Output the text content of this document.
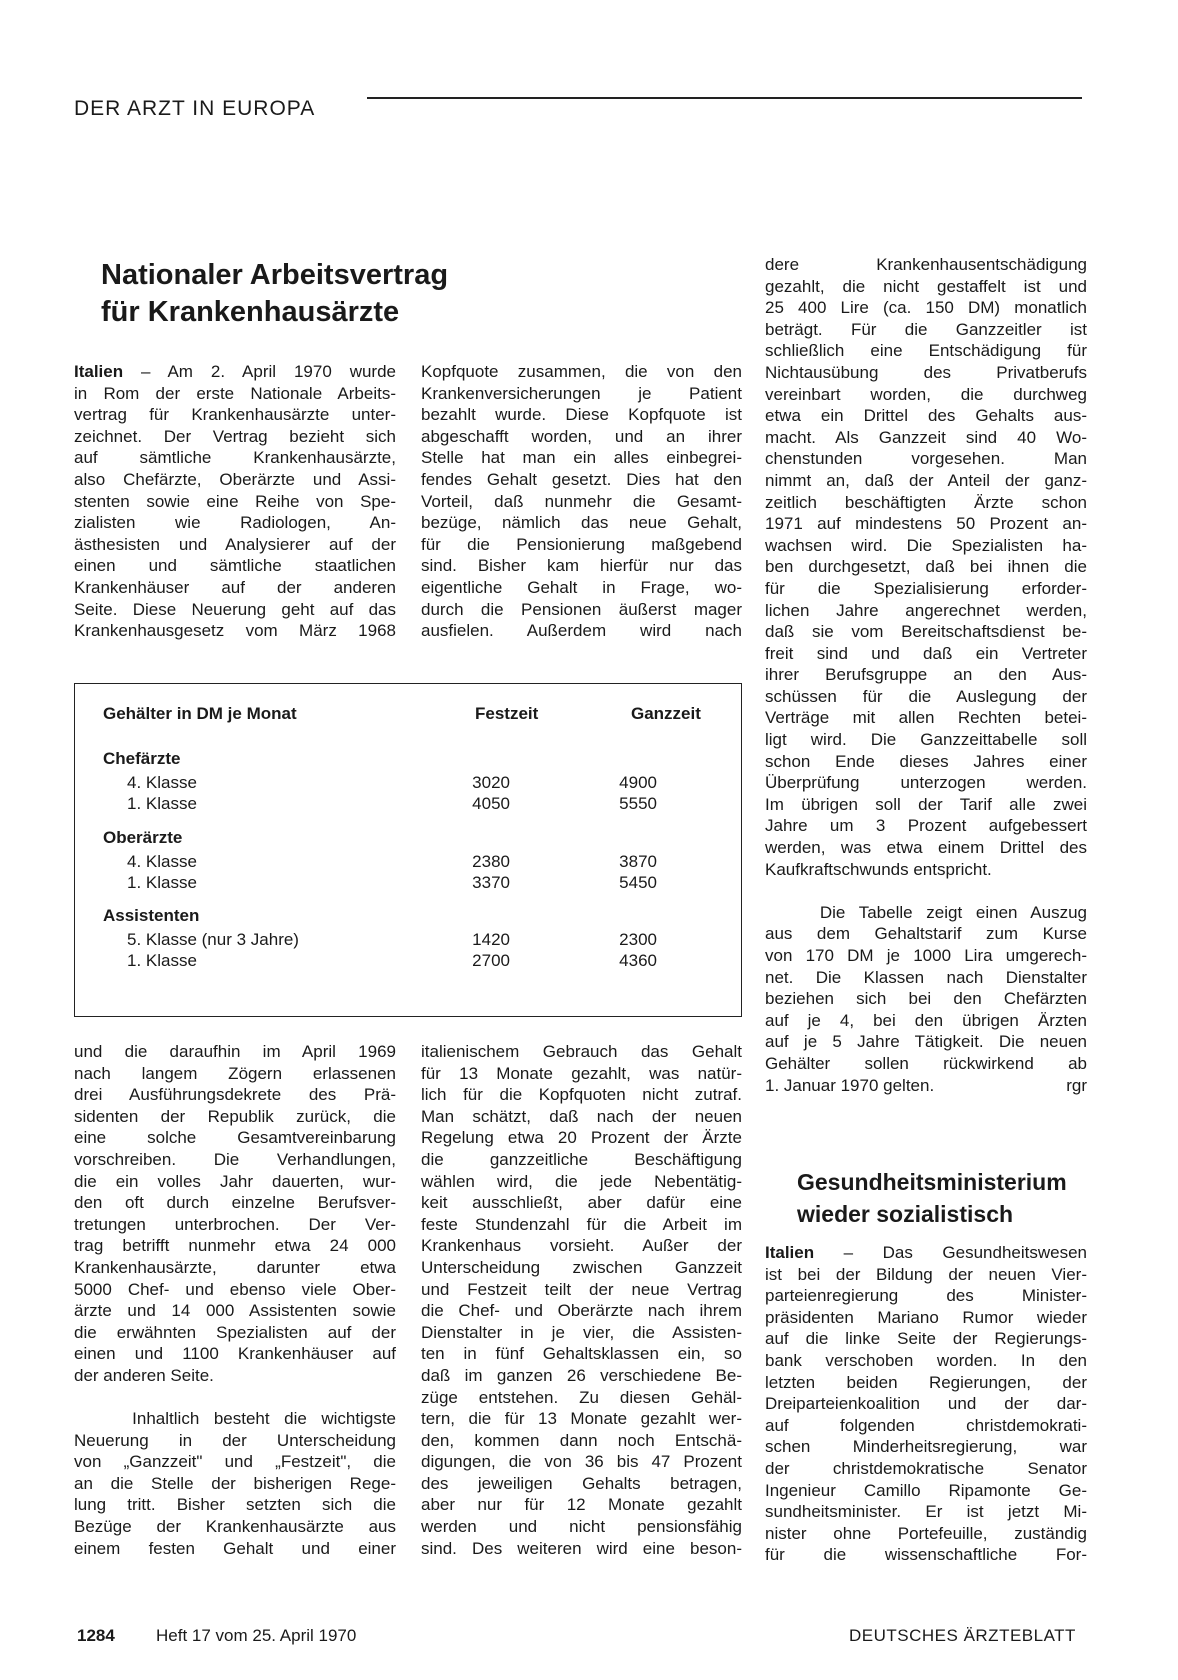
DER ARZT IN EUROPA
Nationaler Arbeitsvertrag
für Krankenhausärzte
Italien – Am 2. April 1970 wurde
in Rom der erste Nationale Arbeits-
vertrag für Krankenhausärzte unter-
zeichnet. Der Vertrag bezieht sich
auf sämtliche Krankenhausärzte,
also Chefärzte, Oberärzte und Assi-
stenten sowie eine Reihe von Spe-
zialisten wie Radiologen, An-
ästhesisten und Analysierer auf der
einen und sämtliche staatlichen
Krankenhäuser auf der anderen
Seite. Diese Neuerung geht auf das
Krankenhausgesetz vom März 1968
Kopfquote zusammen, die von den
Krankenversicherungen je Patient
bezahlt wurde. Diese Kopfquote ist
abgeschafft worden, und an ihrer
Stelle hat man ein alles einbegrei-
fendes Gehalt gesetzt. Dies hat den
Vorteil, daß nunmehr die Gesamt-
bezüge, nämlich das neue Gehalt,
für die Pensionierung maßgebend
sind. Bisher kam hierfür nur das
eigentliche Gehalt in Frage, wo-
durch die Pensionen äußerst mager
ausfielen. Außerdem wird nach
dere Krankenhausentschädigung
gezahlt, die nicht gestaffelt ist und
25 400 Lire (ca. 150 DM) monatlich
beträgt. Für die Ganzzeitler ist
schließlich eine Entschädigung für
Nichtausübung des Privatberufs
vereinbart worden, die durchweg
etwa ein Drittel des Gehalts aus-
macht. Als Ganzzeit sind 40 Wo-
chenstunden vorgesehen. Man
nimmt an, daß der Anteil der ganz-
zeitlich beschäftigten Ärzte schon
1971 auf mindestens 50 Prozent an-
wachsen wird. Die Spezialisten ha-
ben durchgesetzt, daß bei ihnen die
für die Spezialisierung erforder-
lichen Jahre angerechnet werden,
daß sie vom Bereitschaftsdienst be-
freit sind und daß ein Vertreter
ihrer Berufsgruppe an den Aus-
schüssen für die Auslegung der
Verträge mit allen Rechten betei-
ligt wird. Die Ganzzeittabelle soll
schon Ende dieses Jahres einer
Überprüfung unterzogen werden.
Im übrigen soll der Tarif alle zwei
Jahre um 3 Prozent aufgebessert
werden, was etwa einem Drittel des
Kaufkraftschwunds entspricht.
Die Tabelle zeigt einen Auszug
aus dem Gehaltstarif zum Kurse
von 170 DM je 1000 Lira umgerech-
net. Die Klassen nach Dienstalter
beziehen sich bei den Chefärzten
auf je 4, bei den übrigen Ärzten
auf je 5 Jahre Tätigkeit. Die neuen
Gehälter sollen rückwirkend ab
1. Januar 1970 gelten.	rgr
Gehälter in DM je Monat	Festzeit	Ganzzeit
Chefärzte
4. Klasse	3020	4900
1. Klasse	4050	5550
Oberärzte
4. Klasse	2380	3870
1. Klasse	3370	5450
Assistenten
5. Klasse (nur 3 Jahre)	1420	2300
1. Klasse	2700	4360
und die daraufhin im April 1969
nach langem Zögern erlassenen
drei Ausführungsdekrete des Prä-
sidenten der Republik zurück, die
eine solche Gesamtvereinbarung
vorschreiben. Die Verhandlungen,
die ein volles Jahr dauerten, wur-
den oft durch einzelne Berufsver-
tretungen unterbrochen. Der Ver-
trag betrifft nunmehr etwa 24 000
Krankenhausärzte, darunter etwa
5000 Chef- und ebenso viele Ober-
ärzte und 14 000 Assistenten sowie
die erwähnten Spezialisten auf der
einen und 1100 Krankenhäuser auf
der anderen Seite.
Inhaltlich besteht die wichtigste
Neuerung in der Unterscheidung
von „Ganzzeit" und „Festzeit", die
an die Stelle der bisherigen Rege-
lung tritt. Bisher setzten sich die
Bezüge der Krankenhausärzte aus
einem festen Gehalt und einer
italienischem Gebrauch das Gehalt
für 13 Monate gezahlt, was natür-
lich für die Kopfquoten nicht zutraf.
Man schätzt, daß nach der neuen
Regelung etwa 20 Prozent der Ärzte
die ganzzeitliche Beschäftigung
wählen wird, die jede Nebentätig-
keit ausschließt, aber dafür eine
feste Stundenzahl für die Arbeit im
Krankenhaus vorsieht. Außer der
Unterscheidung zwischen Ganzzeit
und Festzeit teilt der neue Vertrag
die Chef- und Oberärzte nach ihrem
Dienstalter in je vier, die Assisten-
ten in fünf Gehaltsklassen ein, so
daß im ganzen 26 verschiedene Be-
züge entstehen. Zu diesen Gehäl-
tern, die für 13 Monate gezahlt wer-
den, kommen dann noch Entschä-
digungen, die von 36 bis 47 Prozent
des jeweiligen Gehalts betragen,
aber nur für 12 Monate gezahlt
werden und nicht pensionsfähig
sind. Des weiteren wird eine beson-
Gesundheitsministerium
wieder sozialistisch
Italien – Das Gesundheitswesen
ist bei der Bildung der neuen Vier-
parteienregierung des Minister-
präsidenten Mariano Rumor wieder
auf die linke Seite der Regierungs-
bank verschoben worden. In den
letzten beiden Regierungen, der
Dreiparteienkoalition und der dar-
auf folgenden christdemokrati-
schen Minderheitsregierung, war
der christdemokratische Senator
Ingenieur Camillo Ripamonte Ge-
sundheitsminister. Er ist jetzt Mi-
nister ohne Portefeuille, zuständig
für die wissenschaftliche For-
1284 Heft 17 vom 25. April 1970	DEUTSCHES ÄRZTEBLATT
